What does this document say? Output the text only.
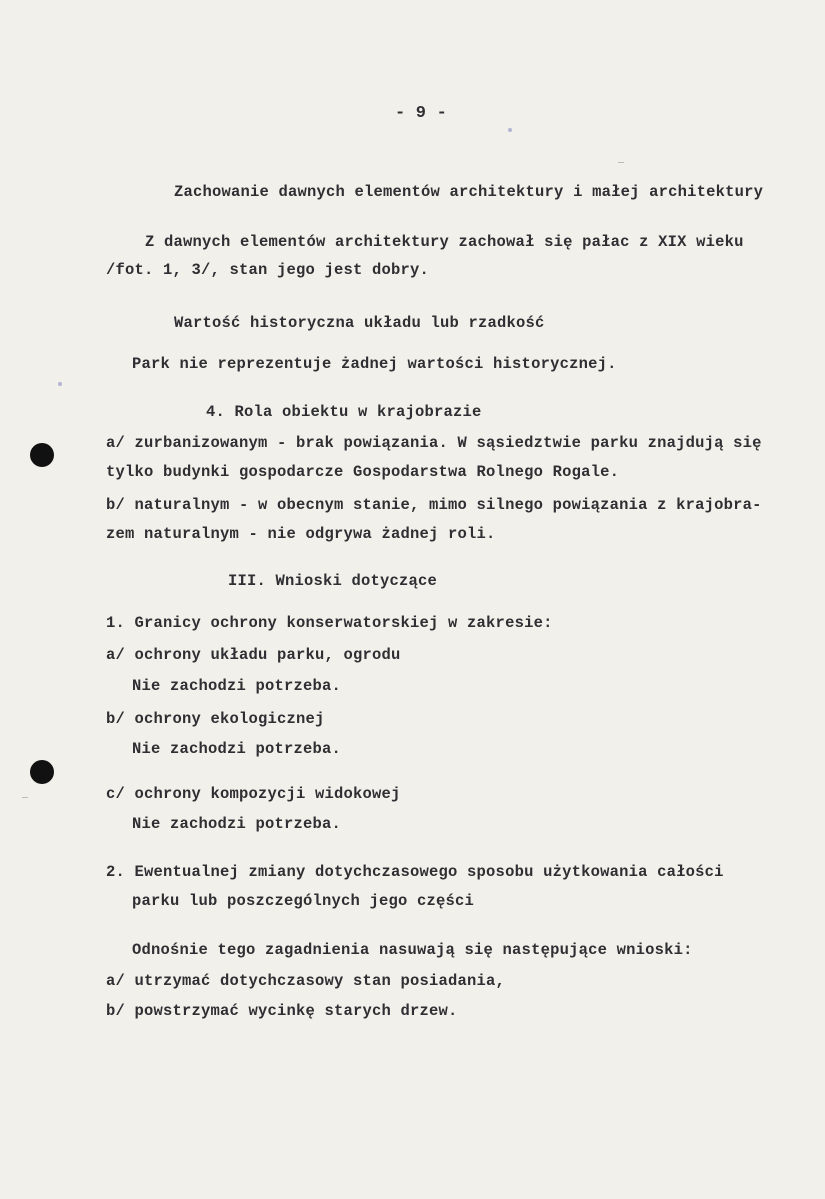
- 9 -
Zachowanie dawnych elementów architektury i małej architektury
Z dawnych elementów architektury zachował się pałac z XIX wieku
/fot. 1, 3/, stan jego jest dobry.
Wartość historyczna układu lub rzadkość
Park nie reprezentuje żadnej wartości historycznej.
4. Rola obiektu w krajobrazie
a/ zurbanizowanym - brak powiązania. W sąsiedztwie parku znajdują się
tylko budynki gospodarcze Gospodarstwa Rolnego Rogale.
b/ naturalnym - w obecnym stanie, mimo silnego powiązania z krajobra-
zem naturalnym - nie odgrywa żadnej roli.
III. Wnioski dotyczące
1. Granicy ochrony konserwatorskiej w zakresie:
a/ ochrony układu parku, ogrodu
Nie zachodzi potrzeba.
b/ ochrony ekologicznej
Nie zachodzi potrzeba.
c/ ochrony kompozycji widokowej
Nie zachodzi potrzeba.
2. Ewentualnej zmiany dotychczasowego sposobu użytkowania całości
parku lub poszczególnych jego części
Odnośnie tego zagadnienia nasuwają się następujące wnioski:
a/ utrzymać dotychczasowy stan posiadania,
b/ powstrzymać wycinkę starych drzew.
